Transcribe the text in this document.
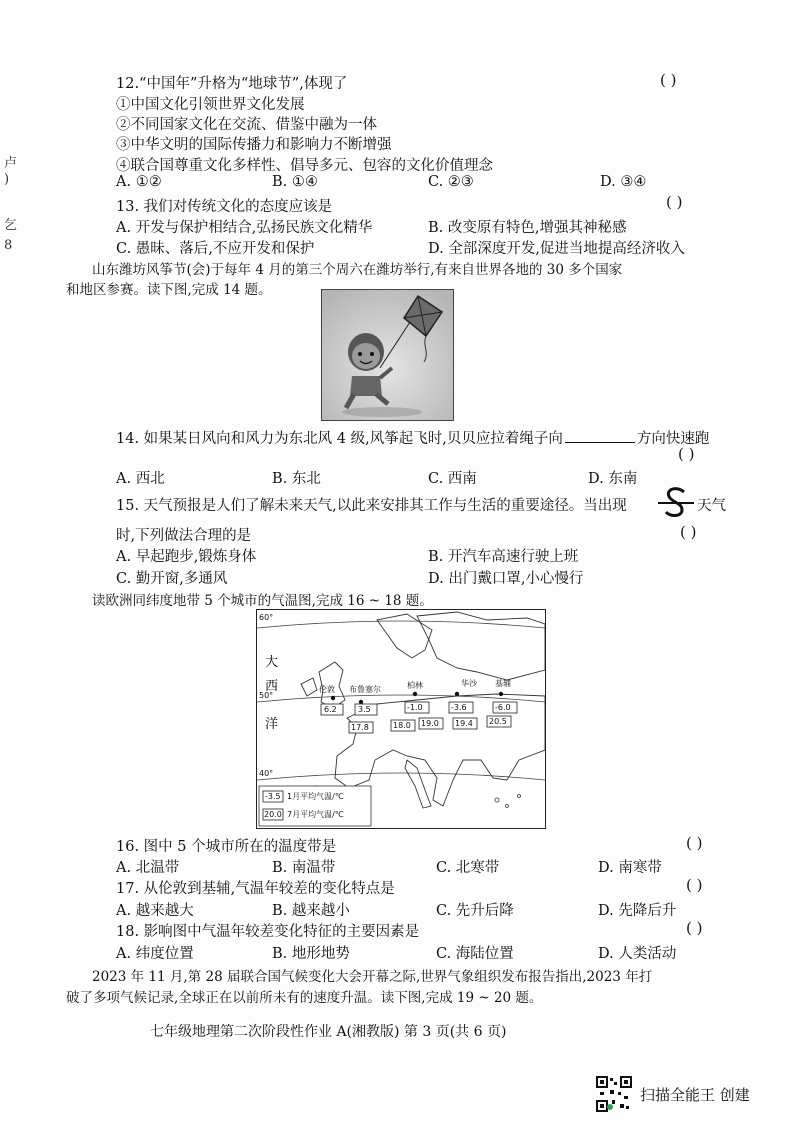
卢
)
乞
8
12.“中国年”升格为“地球节”,体现了	( )
①中国文化引领世界文化发展
②不同国家文化在交流、借鉴中融为一体
③中华文明的国际传播力和影响力不断增强
④联合国尊重文化多样性、倡导多元、包容的文化价值理念
A. ①②	B. ①④	C. ②③	D. ③④
13. 我们对传统文化的态度应该是	( )
A. 开发与保护相结合,弘扬民族文化精华	B. 改变原有特色,增强其神秘感
C. 愚昧、落后,不应开发和保护	D. 全部深度开发,促进当地提高经济收入
山东潍坊风筝节(会)于每年 4 月的第三个周六在潍坊举行,有来自世界各地的 30 多个国家
和地区参赛。读下图,完成 14 题。
14. 如果某日风向和风力为东北风 4 级,风筝起飞时,贝贝应拉着绳子向	方向快速跑
A. 西北	B. 东北	C. 西南	D. 东南
( )
15. 天气预报是人们了解未来天气,以此来安排其工作与生活的重要途径。当出现	天气
时,下列做法合理的是	( )
A. 早起跑步,锻炼身体	B. 开汽车高速行驶上班
C. 勤开窗,多通风	D. 出门戴口罩,小心慢行
读欧洲同纬度地带 5 个城市的气温图,完成 16 ~ 18 题。
60°
50°
40°
大
西
洋
伦敦 布鲁塞尔	柏林	华沙 基辅
6.2	3.5	-1.0	-3.6	-6.0
17.8	18.0 19.0 19.4 20.5
-3.5 1月平均气温/℃
20.0 7月平均气温/℃
16. 图中 5 个城市所在的温度带是	( )
A. 北温带	B. 南温带	C. 北寒带	D. 南寒带
17. 从伦敦到基辅,气温年较差的变化特点是	( )
A. 越来越大	B. 越来越小	C. 先升后降	D. 先降后升
18. 影响图中气温年较差变化特征的主要因素是	( )
A. 纬度位置	B. 地形地势	C. 海陆位置	D. 人类活动
2023 年 11 月,第 28 届联合国气候变化大会开幕之际,世界气象组织发布报告指出,2023 年打
破了多项气候记录,全球正在以前所未有的速度升温。读下图,完成 19 ~ 20 题。
七年级地理第二次阶段性作业 A(湘教版) 第 3 页(共 6 页)
扫描全能王 创建
